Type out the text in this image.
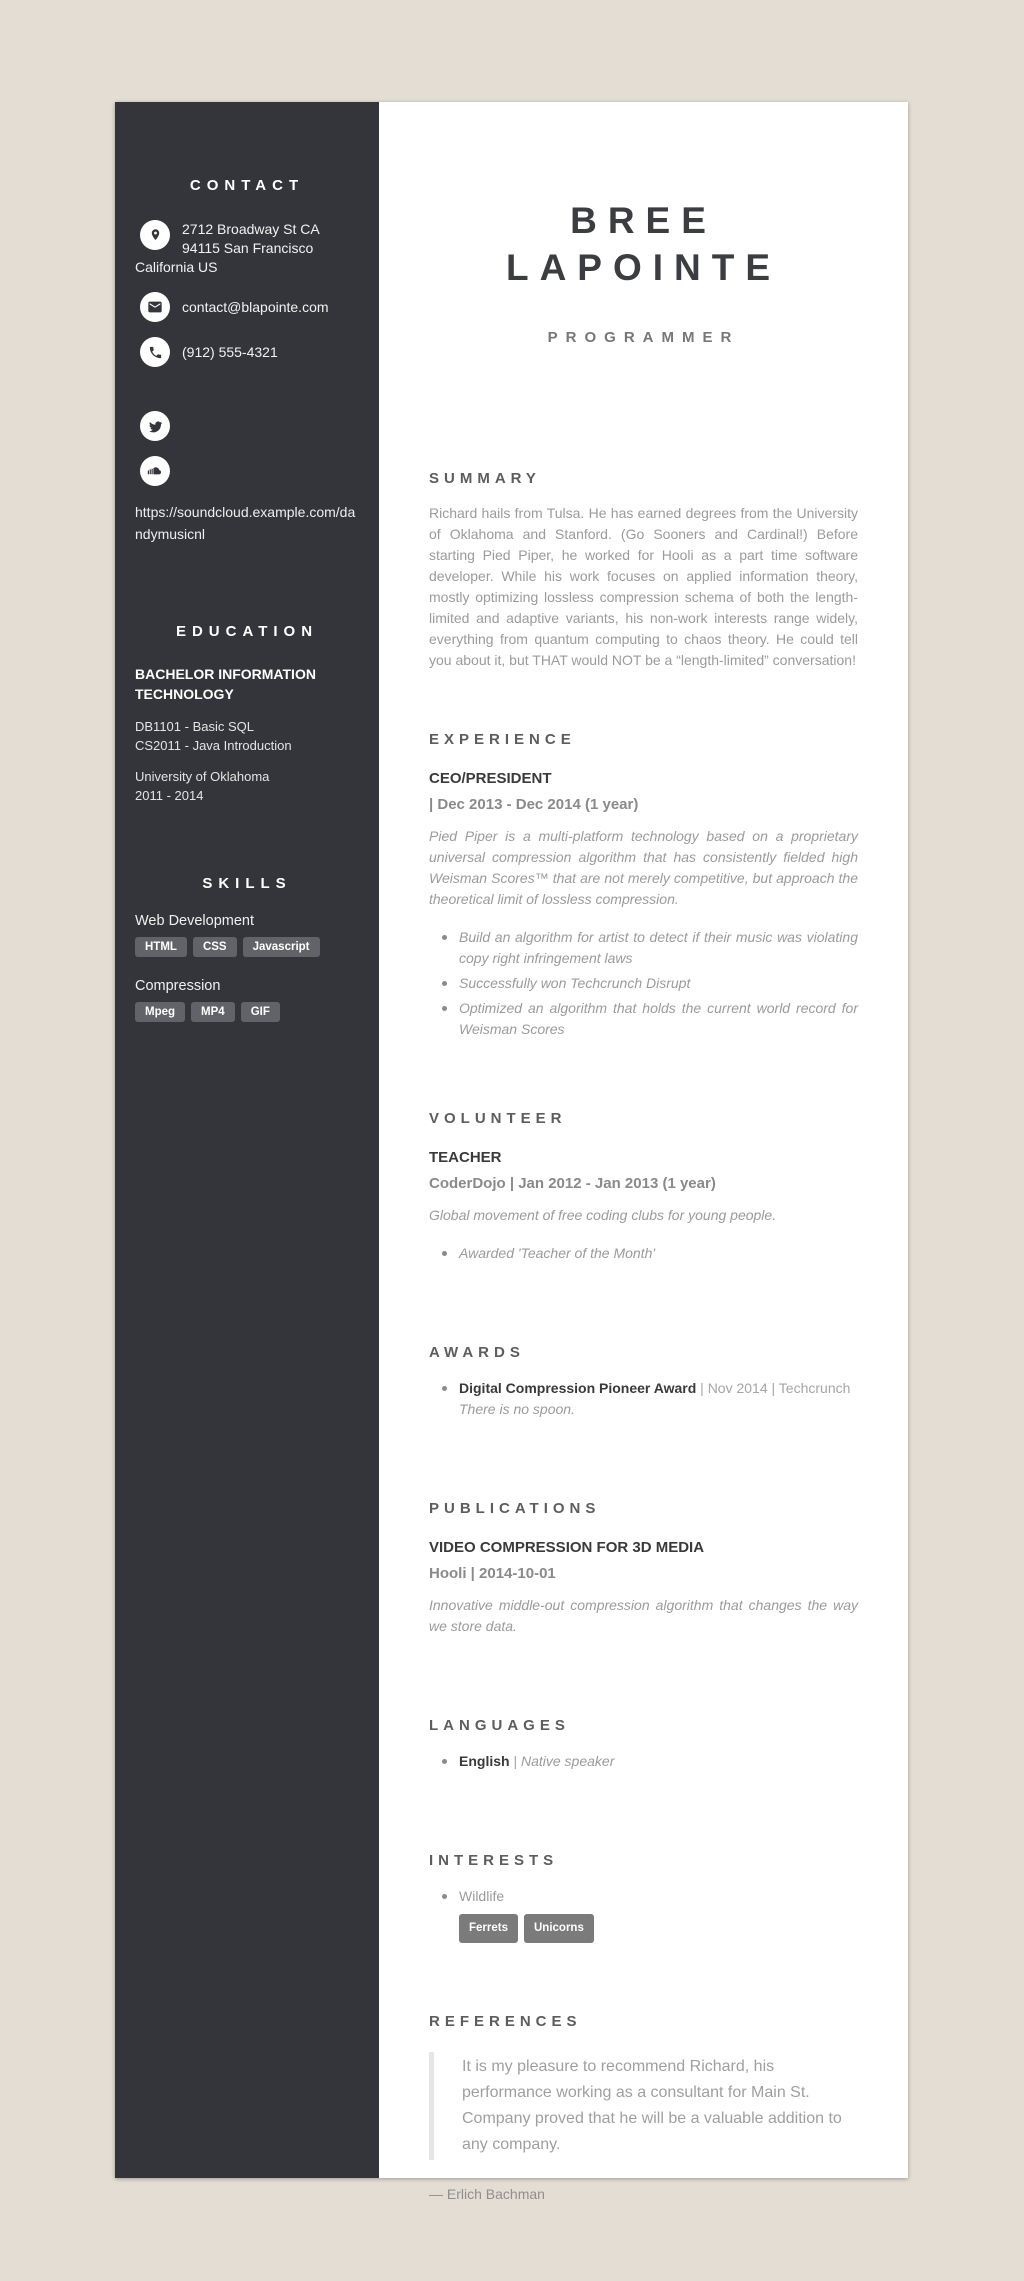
CONTACT
2712 Broadway St CA
94115 San Francisco
California US
contact@blapointe.com
(912) 555-4321
https://soundcloud.example.com/dandymusicnl
EDUCATION
BACHELOR INFORMATION TECHNOLOGY
DB1101 - Basic SQL
CS2011 - Java Introduction
University of Oklahoma
2011 - 2014
SKILLS
Web Development
HTML	CSS	Javascript
Compression
Mpeg	MP4	GIF
BREE
LAPOINTE
PROGRAMMER
SUMMARY

Richard hails from Tulsa. He has earned degrees from the University of Oklahoma and Stanford. (Go Sooners and Cardinal!) Before starting Pied Piper, he worked for Hooli as a part time software developer. While his work focuses on applied information theory, mostly optimizing lossless compression schema of both the length-limited and adaptive variants, his non-work interests range widely, everything from quantum computing to chaos theory. He could tell you about it, but THAT would NOT be a “length-limited” conversation!

EXPERIENCE
CEO/PRESIDENT
| Dec 2013 - Dec 2014 (1 year)

Pied Piper is a multi-platform technology based on a proprietary universal compression algorithm that has consistently fielded high Weisman Scores™ that are not merely competitive, but approach the theoretical limit of lossless compression.

Build an algorithm for artist to detect if their music was violating copy right infringement laws
Successfully won Techcrunch Disrupt
Optimized an algorithm that holds the current world record for Weisman Scores
VOLUNTEER
TEACHER
CoderDojo | Jan 2012 - Jan 2013 (1 year)

Global movement of free coding clubs for young people.

Awarded 'Teacher of the Month'
AWARDS
Digital Compression Pioneer Award | Nov 2014 | Techcrunch
There is no spoon.
PUBLICATIONS
VIDEO COMPRESSION FOR 3D MEDIA
Hooli | 2014-10-01

Innovative middle-out compression algorithm that changes the way we store data.

LANGUAGES
English | Native speaker
INTERESTS
Wildlife
Ferrets	Unicorns
REFERENCES
It is my pleasure to recommend Richard, his performance working as a consultant for Main St. Company proved that he will be a valuable addition to any company.
— Erlich Bachman
